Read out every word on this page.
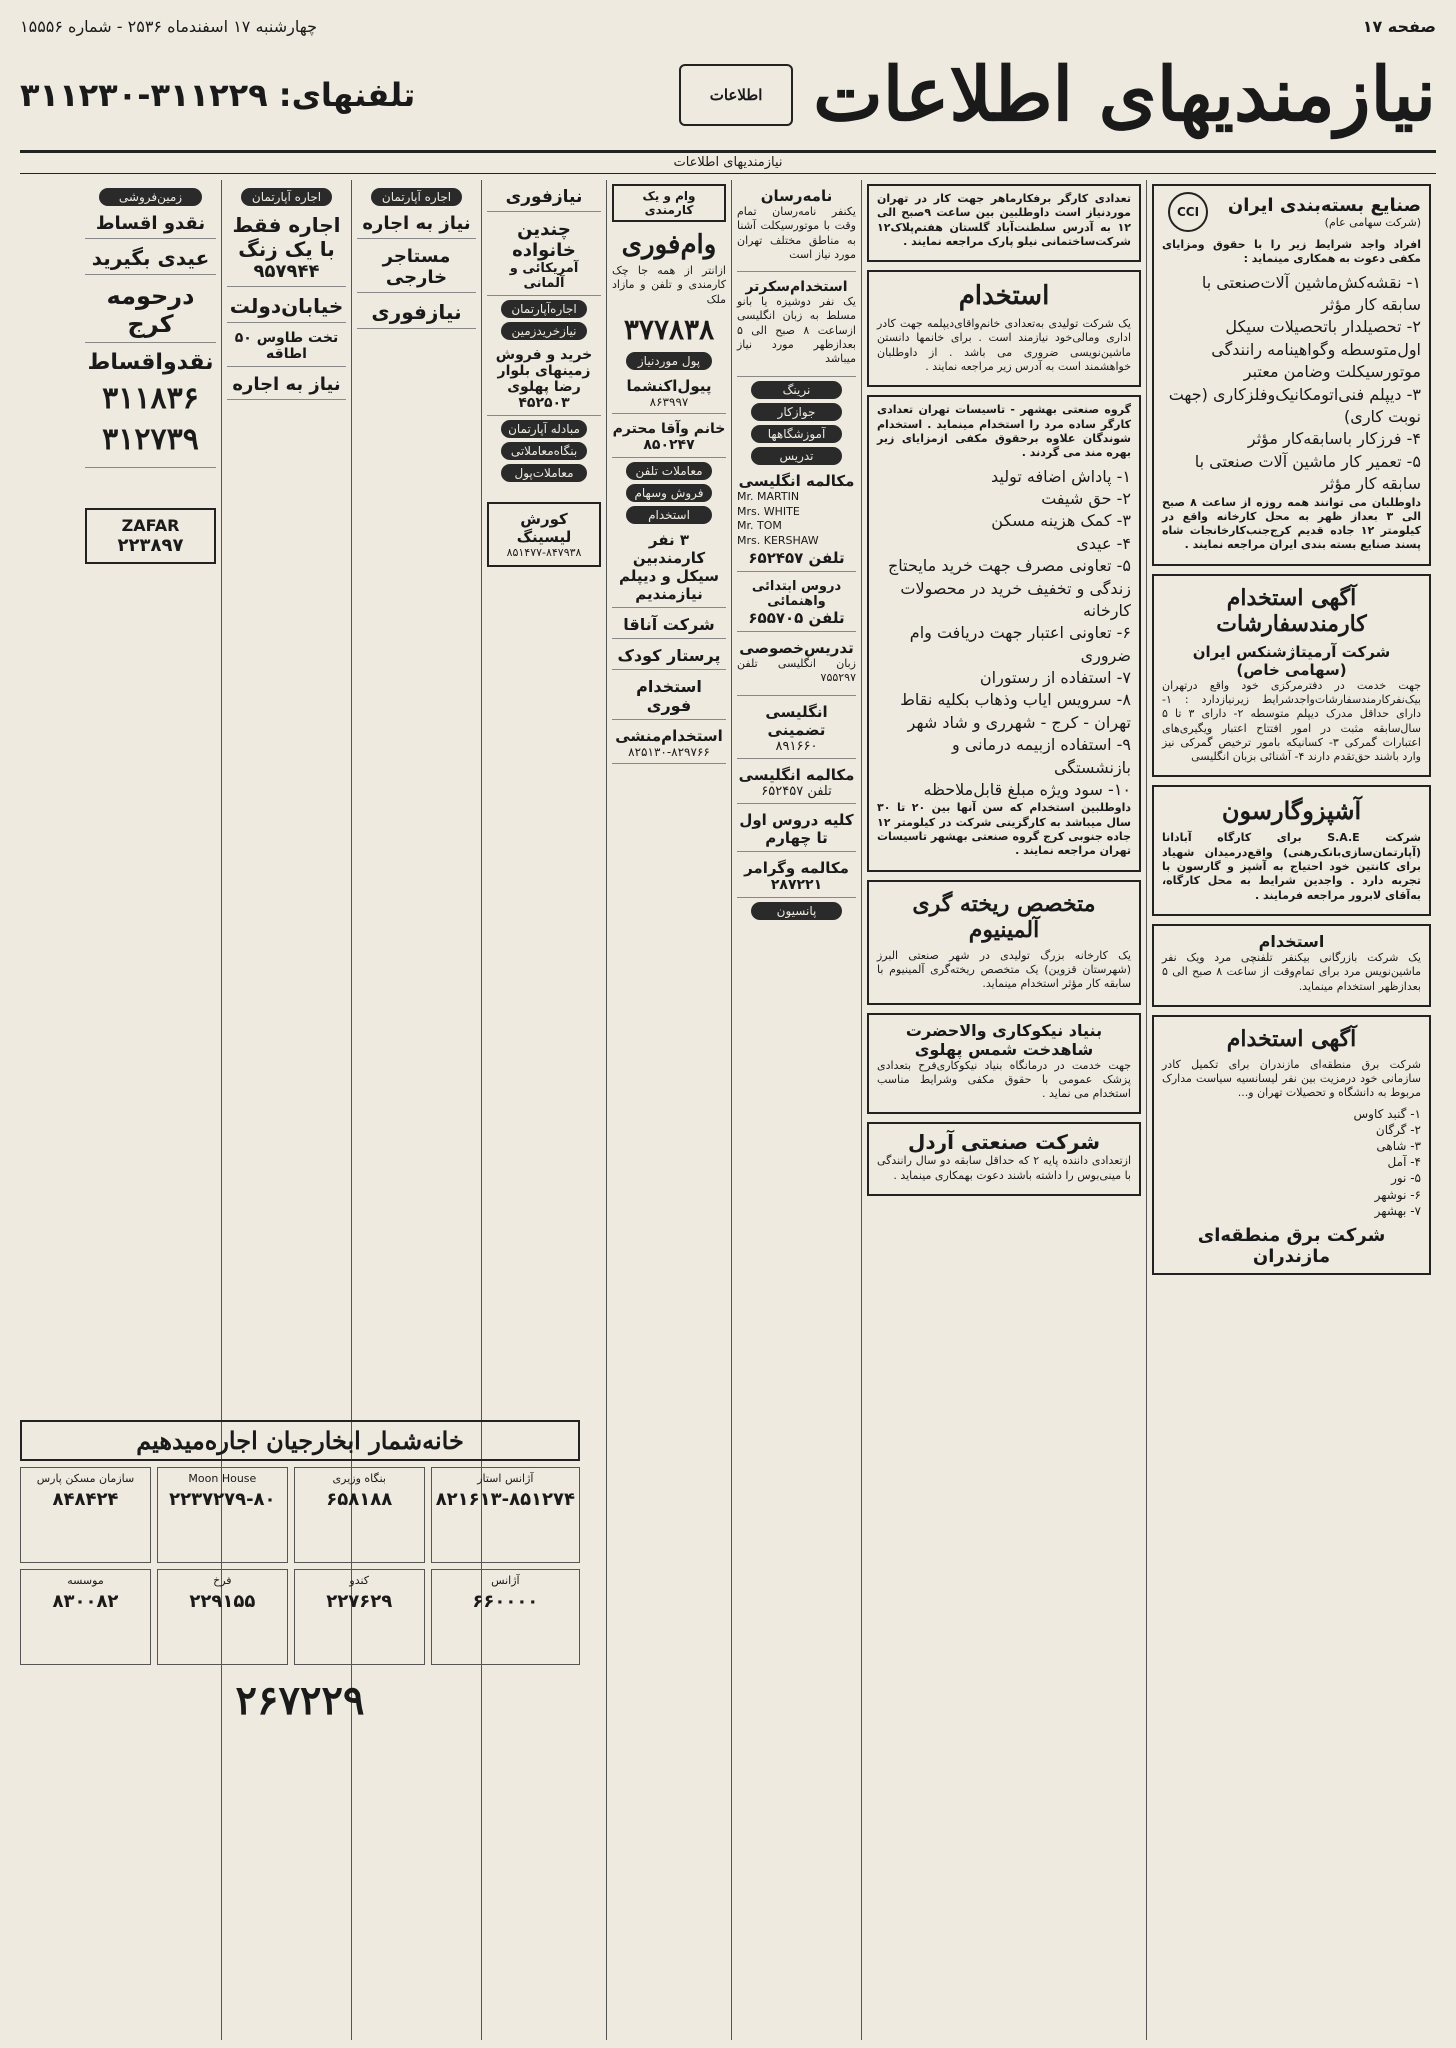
صفحه ۱۷
چهارشنبه ۱۷ اسفندماه ۲۵۳۶ - شماره ۱۵۵۵۶
نیازمندیهای اطلاعات
اطلاعات
تلفنهای: ۳۱۱۲۳۰-۳۱۱۲۲۹
نیازمندیهای اطلاعات
صنایع بسته‌بندی ایران
(شرکت سهامی عام)
CCI

افراد واجد شرایط زیر را با حقوق ومزایای مکفی دعوت به همکاری مینماید :

۱- نقشه‌کش‌ماشین آلات‌صنعتی با سابقه کار مؤثر
۲- تحصیلدار باتحصیلات سیکل اول‌متوسطه وگواهینامه رانندگی موتورسیکلت وضامن معتبر
۳- دیپلم فنی‌اتومکانیک‌وفلزکاری (جهت نوبت کاری)
۴- فرزکار باسابقه‌کار مؤثر
۵- تعمیر کار ماشین آلات صنعتی با سابقه کار مؤثر

داوطلبان می توانند همه روزه از ساعت ۸ صبح الی ۳ بعداز ظهر به محل کارخانه واقع در کیلومتر ۱۲ جاده قدیم کرج‌جنب‌کارخانجات شاه پسند صنایع بسته بندی ایران مراجعه نمایند .

آگهی استخدام کارمندسفارشات
شرکت آرمیتاژشنکس ایران (سهامی خاص)

جهت خدمت در دفترمرکزی خود واقع درتهران بیک‌نفرکارمندسفارشات‌واجدشرایط زیرنیازدارد : ۱- دارای حداقل مدرک دیپلم متوسطه ۲- دارای ۳ تا ۵ سال‌سابقه مثبت در امور افتتاح اعتبار ویگیری‌های اعتبارات گمرکی ۳- کسانیکه بامور ترخیص گمرکی نیز وارد باشند حق‌تقدم دارند ۴- آشنائی بزبان انگلیسی

آشپزوگارسون

شرکت S.A.E برای کارگاه آبادانا (آپارتمان‌سازی‌بانک‌رهنی) واقع‌درمیدان شهیاد برای کانتین خود احتیاج به آشپز و گارسون با تجربه دارد . واجدین شرایط به محل کارگاه، به‌آقای لابرور مراجعه فرمایند .

استخدام

یک شرکت بازرگانی بیکنفر تلفنچی مرد ویک نفر ماشین‌نویس مرد برای تمام‌وقت از ساعت ۸ صبح الی ۵ بعدازظهر استخدام مینماید.

آگهی استخدام

شرکت برق منطقه‌ای مازندران برای تکمیل کادر سازمانی خود درمزیت بین نفر لیسانسیه سیاست مدارک مربوط به دانشگاه و تحصیلات تهران و...

۱- گنبد کاوس
۲- گرگان
۳- شاهی
۴- آمل
۵- نور
۶- نوشهر
۷- بهشهر
شرکت برق منطقه‌ای مازندران

تعدادی کارگر برفکارماهر جهت کار در تهران موردنیاز است داوطلبین بین ساعت ۹صبح الی ۱۲ به آدرس سلطنت‌آباد گلستان هفتم‌پلاک۱۲ شرکت‌ساختمانی نیلو پارک مراجعه نمایند .

استخدام

یک شرکت تولیدی به‌تعدادی خانم‌واقای‌دیپلمه جهت کادر اداری ومالی‌خود نیازمند است . برای خانمها دانستن ماشین‌نویسی ضروری می باشد . از داوطلبان خواهشمند است به آدرس زیر مراجعه نمایند .

گروه صنعتی بهشهر - تاسیسات تهران تعدادی کارگر ساده مرد را استخدام مینماید . استخدام شوندگان علاوه برحقوق مکفی ازمزایای زیر بهره مند می گردند .

۱- پاداش اضافه تولید
۲- حق شیفت
۳- کمک هزینه مسکن
۴- عیدی
۵- تعاونی مصرف جهت خرید مایحتاج زندگی و تخفیف خرید در محصولات کارخانه
۶- تعاونی اعتبار جهت دریافت وام ضروری
۷- استفاده از رستوران
۸- سرویس ایاب وذهاب بکلیه نقاط تهران - کرج - شهرری و شاد شهر
۹- استفاده ازبیمه درمانی و بازنشستگی
۱۰- سود ویژه مبلغ قابل‌ملاحظه

داوطلبین استخدام که سن آنها بین ۲۰ تا ۳۰ سال میباشد به کارگزینی شرکت در کیلومتر ۱۲ جاده جنوبی کرج گروه صنعتی بهشهر تاسیسات تهران مراجعه نمایند .

متخصص ریخته گری آلمینیوم

یک کارخانه بزرگ تولیدی در شهر صنعتی البرز (شهرستان قزوین) یک متخصص ریخته‌گری آلمینیوم با سابقه کار مؤثر استخدام مینماید.

بنیاد نیکوکاری والاحضرت شاهدخت شمس پهلوی

جهت خدمت در درمانگاه بنیاد نیکوکاری‌فرح بتعدادی پزشک عمومی با حقوق مکفی وشرایط مناسب استخدام می نماید .

شرکت صنعتی آردل

ازتعدادی داننده پایه ۲ که حداقل سابقه دو سال رانندگی با مینی‌بوس را داشته باشند دعوت بهمکاری مینماید .

نامه‌رسان

یکنفر نامه‌رسان تمام وقت با موتورسیکلت آشنا به مناطق مختلف تهران مورد نیاز است

استخدام‌سکرتر

یک نفر دوشیزه یا بانو مسلط به زبان انگلیسی ازساعت ۸ صبح الی ۵ بعدازظهر مورد نیاز میباشد

نرینگ
جوازکار
آموزشگاهها
تدریس
مکالمه انگلیسی
Mr. MARTIN
Mrs. WHITE
Mr. TOM
Mrs. KERSHAW
تلفن ۶۵۲۴۵۷
دروس ابتدائی واهنمائی
تلفن ۶۵۵۷۰۵
تدریس‌خصوصی

زبان انگلیسی تلفن ۷۵۵۲۹۷

انگلیسی تضمینی
۸۹۱۶۶۰
مکالمه انگلیسی
تلفن ۶۵۲۴۵۷
کلیه دروس اول تا چهارم
مکالمه وگرامر
۲۸۷۲۲۱
پانسیون
وام‌ و یک‌ کارمندی
وام‌فوری

ازانتر از همه جا چک کارمندی و تلفن و مازاد ملک

۳۷۷۸۳۸
پول موردنیاز
پیول‌اکنشما
۸۶۳۹۹۷
خانم وآقا محترم
۸۵۰۲۴۷
معاملات تلفن
فروش وسهام
استخدام
۳ نفر کارمندبین سیکل و دیپلم نیازمندیم
شرکت آناقا
پرستار کودک
استخدام فوری
استخدام‌منشی
۸۲۵۱۳۰-۸۲۹۷۶۶
نیازفوری
چندین خانواده
آمریکائی و آلمانی
اجاره‌آپارتمان
نیازخرید‌زمین
خرید و فروش زمینهای بلوار رضا پهلوی
۴۵۲۵۰۳
مبادله آپارتمان
بنگاه‌معاملاتی
معاملات‌پول
کورش لیسینگ
۸۵۱۴۷۷-۸۴۷۹۳۸
اجاره آپارتمان
نیاز به اجاره
مستاجر خارجی
نیازفوری
اجاره آپارتمان
اجاره فقط با یک زنگ
۹۵۷۹۴۴
خیابان‌دولت
تخت طاوس ۵۰ اطاقه
نیاز به اجاره
زمین‌فروشی
نقدو اقساط
عیدی بگیرید
درحومه کرج
نقدواقساط
۳۱۱۸۳۶
۳۱۲۷۳۹
ZAFAR
۲۲۳۸۹۷
خانه‌شمار ابخارجیان اجاره‌میدهیم
آژانس استار
۸۲۱۶۱۳-۸۵۱۲۷۴
بنگاه وزیری
۶۵۸۱۸۸
Moon House
۲۲۳۷۲۷۹-۸۰
سازمان مسکن پارس
۸۴۸۴۲۴
آژانس
۶۶۰۰۰۰
کندو
۲۲۷۶۲۹
فرخ
۲۲۹۱۵۵
موسسه
۸۳۰۰۸۲
۲۶۷۲۲۹
